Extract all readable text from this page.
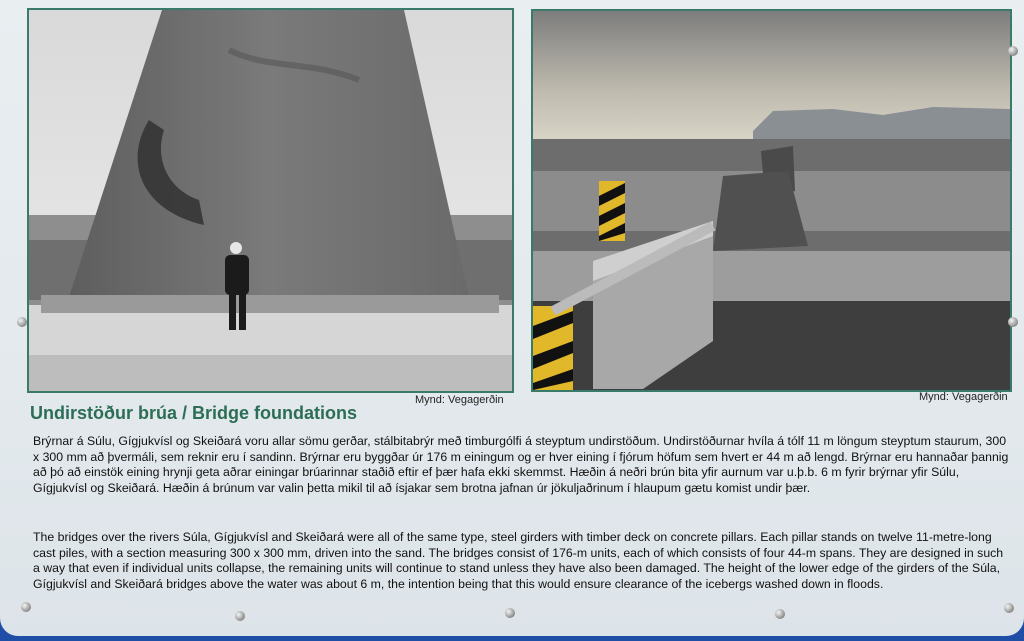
Mynd: Vegagerðin	Mynd: Vegagerðin
Undirstöður brúa / Bridge foundations

Brýrnar á Súlu, Gígjukvísl og Skeiðará voru allar sömu gerðar, stálbitabrýr með timburgólfi á steyptum undirstöðum. Undirstöðurnar hvíla á tólf 11 m löngum steyptum staurum, 300 x 300 mm að þvermáli, sem reknir eru í sandinn. Brýrnar eru byggðar úr 176 m einingum og er hver eining í fjórum höfum sem hvert er 44 m að lengd. Brýrnar eru hannaðar þannig að þó að einstök eining hrynji geta aðrar einingar brúarinnar staðið eftir ef þær hafa ekki skemmst. Hæðin á neðri brún bita yfir aurnum var u.þ.b. 6 m fyrir brýrnar yfir Súlu, Gígjukvísl og Skeiðará. Hæðin á brúnum var valin þetta mikil til að ísjakar sem brotna jafnan úr jökuljaðrinum í hlaupum gætu komist undir þær.

The bridges over the rivers Súla, Gígjukvísl and Skeiðará were all of the same type, steel girders with timber deck on concrete pillars. Each pillar stands on twelve 11-metre-long cast piles, with a section measuring 300 x 300 mm, driven into the sand. The bridges consist of 176-m units, each of which consists of four 44-m spans. They are designed in such a way that even if individual units collapse, the remaining units will continue to stand unless they have also been damaged. The height of the lower edge of the girders of the Súla, Gígjukvísl and Skeiðará bridges above the water was about 6 m, the intention being that this would ensure clearance of the icebergs washed down in floods.
